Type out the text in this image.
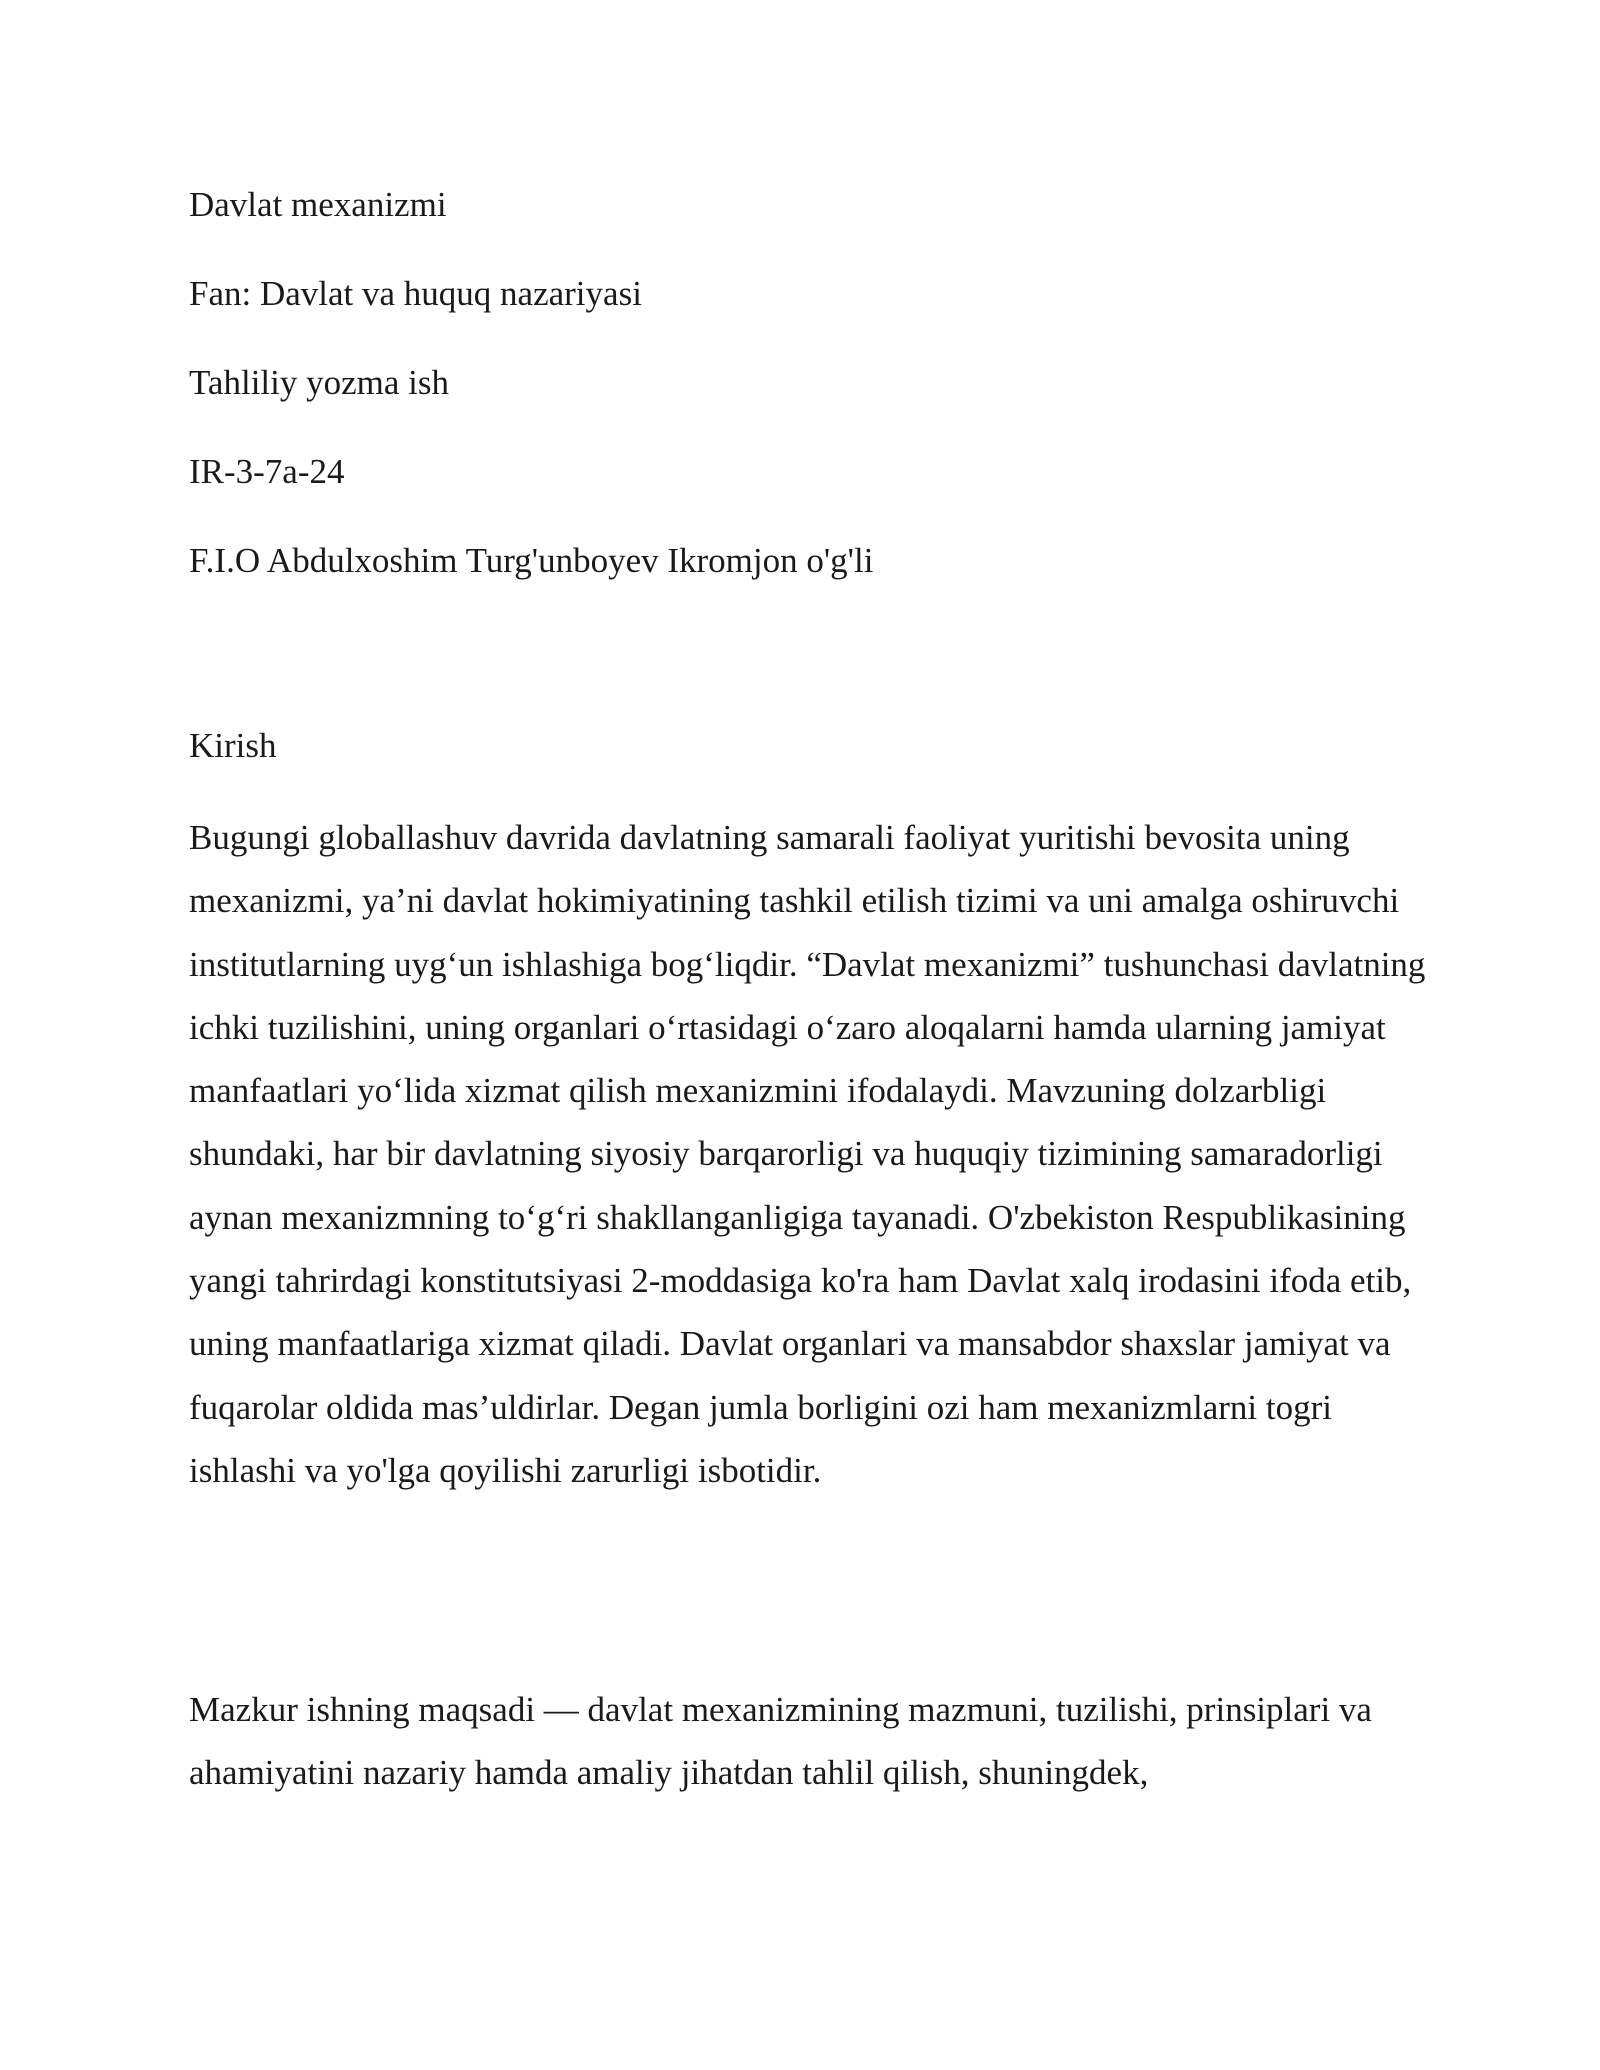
Davlat mexanizmi

Fan: Davlat va huquq nazariyasi

Tahliliy yozma ish

IR-3-7a-24

F.I.O Abdulxoshim Turg'unboyev Ikromjon o'g'li

Kirish

Bugungi globallashuv davrida davlatning samarali faoliyat yuritishi bevosita uning mexanizmi, ya’ni davlat hokimiyatining tashkil etilish tizimi va uni amalga oshiruvchi institutlarning uyg‘un ishlashiga bog‘liqdir. “Davlat mexanizmi” tushunchasi davlatning ichki tuzilishini, uning organlari o‘rtasidagi o‘zaro aloqalarni hamda ularning jamiyat manfaatlari yo‘lida xizmat qilish mexanizmini ifodalaydi. Mavzuning dolzarbligi shundaki, har bir davlatning siyosiy barqarorligi va huquqiy tizimining samaradorligi aynan mexanizmning to‘g‘ri shakllanganligiga tayanadi. O'zbekiston Respublikasining yangi tahrirdagi konstitutsiyasi 2-moddasiga ko'ra ham Davlat xalq irodasini ifoda etib, uning manfaatlariga xizmat qiladi. Davlat organlari va mansabdor shaxslar jamiyat va fuqarolar oldida mas’uldirlar. Degan jumla borligini ozi ham mexanizmlarni togri ishlashi va yo'lga qoyilishi zarurligi isbotidir.

Mazkur ishning maqsadi — davlat mexanizmining mazmuni, tuzilishi, prinsiplari va ahamiyatini nazariy hamda amaliy jihatdan tahlil qilish, shuningdek,
